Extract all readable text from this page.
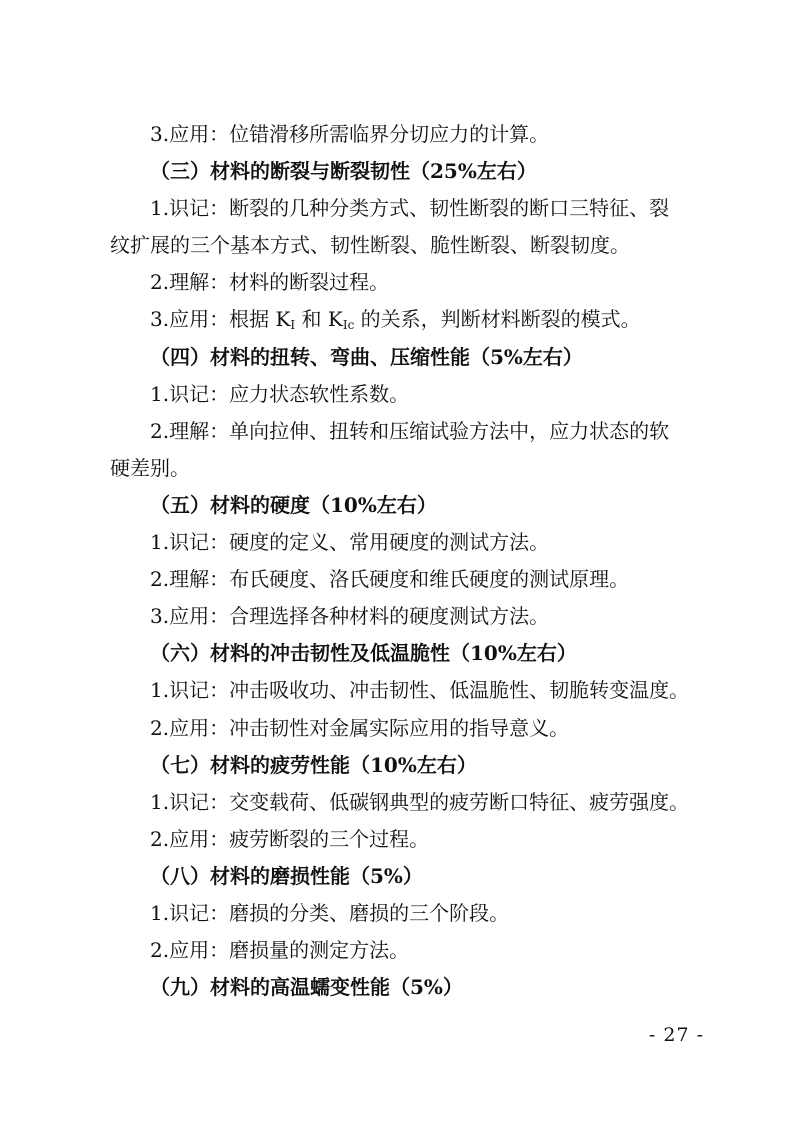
3.应用：位错滑移所需临界分切应力的计算。
（三）材料的断裂与断裂韧性（25%左右）
1.识记：断裂的几种分类方式、韧性断裂的断口三特征、裂
纹扩展的三个基本方式、韧性断裂、脆性断裂、断裂韧度。
2.理解：材料的断裂过程。
3.应用：根据 $K_I$ 和 $K_{Ic}$ 的关系，判断材料断裂的模式。
（四）材料的扭转、弯曲、压缩性能（5%左右）
1.识记：应力状态软性系数。
2.理解：单向拉伸、扭转和压缩试验方法中，应力状态的软
硬差别。
（五）材料的硬度（10%左右）
1.识记：硬度的定义、常用硬度的测试方法。
2.理解：布氏硬度、洛氏硬度和维氏硬度的测试原理。
3.应用：合理选择各种材料的硬度测试方法。
（六）材料的冲击韧性及低温脆性（10%左右）
1.识记：冲击吸收功、冲击韧性、低温脆性、韧脆转变温度。
2.应用：冲击韧性对金属实际应用的指导意义。
（七）材料的疲劳性能（10%左右）
1.识记：交变载荷、低碳钢典型的疲劳断口特征、疲劳强度。
2.应用：疲劳断裂的三个过程。
（八）材料的磨损性能（5%）
1.识记：磨损的分类、磨损的三个阶段。
2.应用：磨损量的测定方法。
（九）材料的高温蠕变性能（5%）
- 27 -
